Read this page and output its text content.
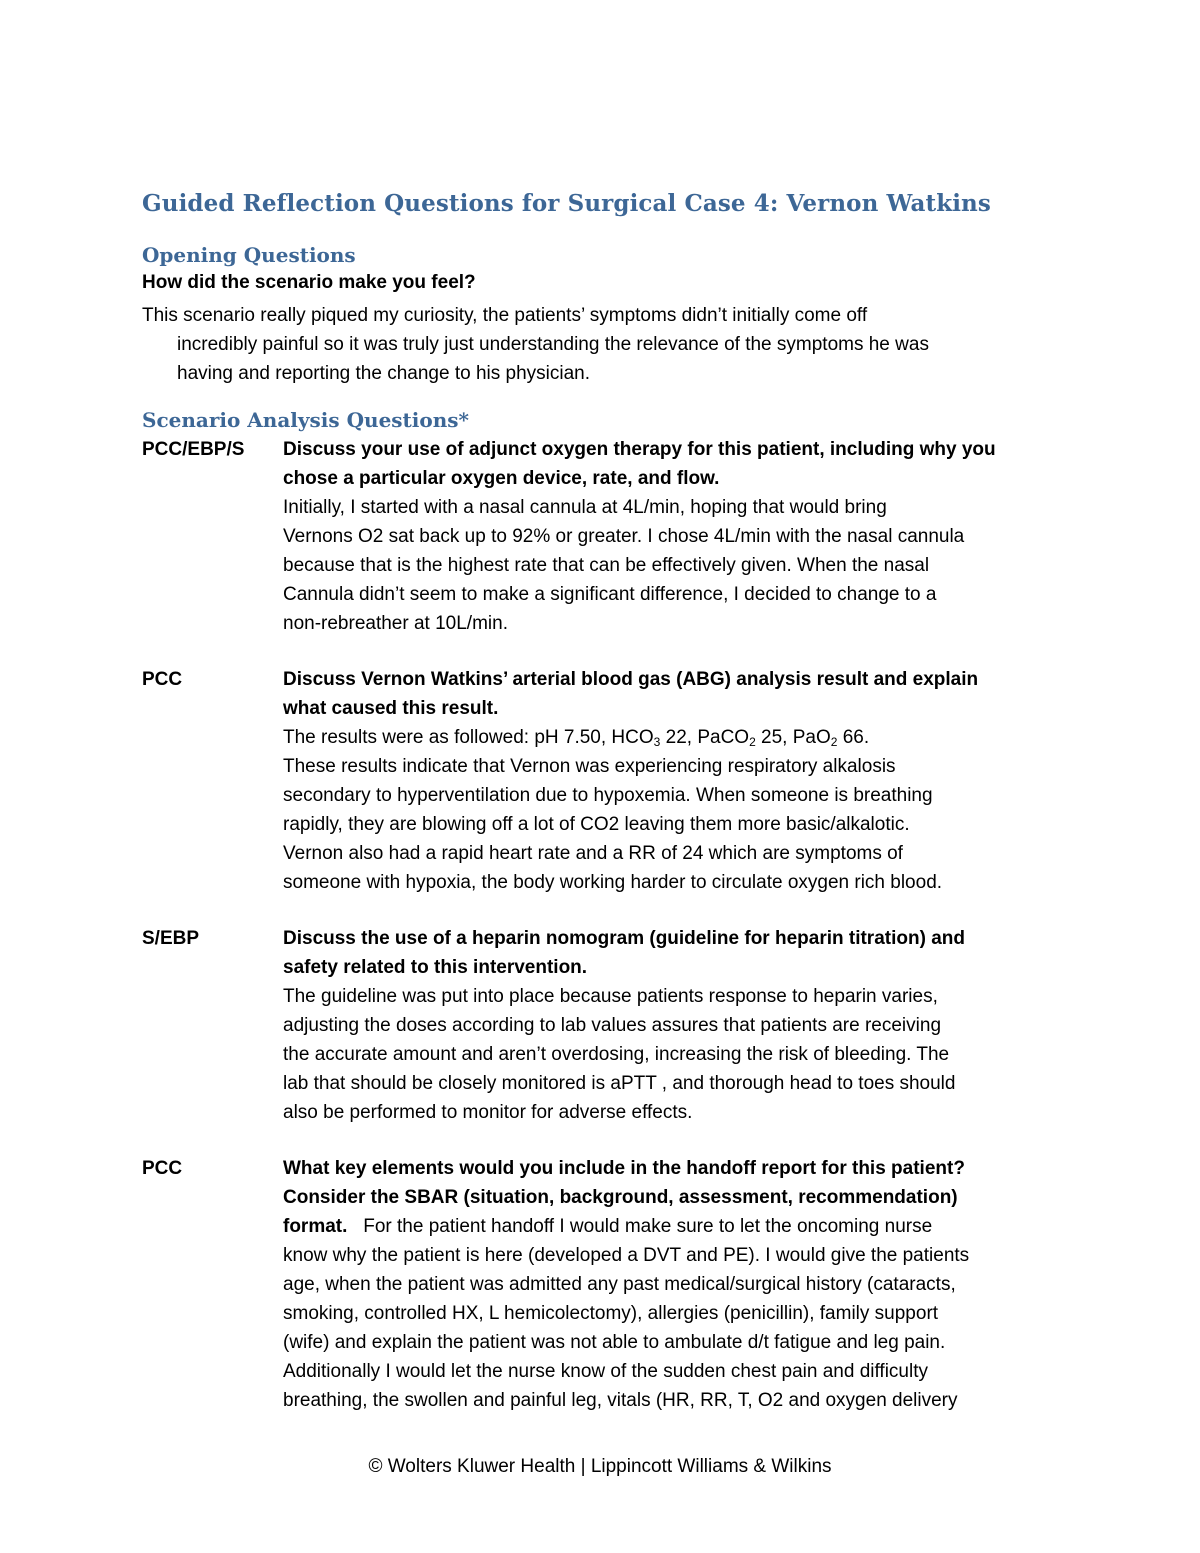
Guided Reflection Questions for Surgical Case 4: Vernon Watkins
Opening Questions
How did the scenario make you feel?
This scenario really piqued my curiosity, the patients’ symptoms didn’t initially come off
incredibly painful so it was truly just understanding the relevance of the symptoms he was
having and reporting the change to his physician.
Scenario Analysis Questions*
PCC/EBP/S Discuss your use of adjunct oxygen therapy for this patient, including why you
chose a particular oxygen device, rate, and flow.
Initially, I started with a nasal cannula at 4L/min, hoping that would bring
Vernons O2 sat back up to 92% or greater. I chose 4L/min with the nasal cannula
because that is the highest rate that can be effectively given. When the nasal
Cannula didn’t seem to make a significant difference, I decided to change to a
non-rebreather at 10L/min.
PCC	Discuss Vernon Watkins’ arterial blood gas (ABG) analysis result and explain
what caused this result.
The results were as followed: pH 7.50, $HCO_3$ 22, PaCO$_2$ 25, PaO$_2$ 66.
These results indicate that Vernon was experiencing respiratory alkalosis
secondary to hyperventilation due to hypoxemia. When someone is breathing
rapidly, they are blowing off a lot of CO2 leaving them more basic/alkalotic.
Vernon also had a rapid heart rate and a RR of 24 which are symptoms of
someone with hypoxia, the body working harder to circulate oxygen rich blood.
S/EBP	Discuss the use of a heparin nomogram (guideline for heparin titration) and
safety related to this intervention.
The guideline was put into place because patients response to heparin varies,
adjusting the doses according to lab values assures that patients are receiving
the accurate amount and aren’t overdosing, increasing the risk of bleeding. The
lab that should be closely monitored is aPTT , and thorough head to toes should
also be performed to monitor for adverse effects.
PCC	What key elements would you include in the handoff report for this patient?
Consider the SBAR (situation, background, assessment, recommendation)
format.   For the patient handoff I would make sure to let the oncoming nurse
know why the patient is here (developed a DVT and PE). I would give the patients
age, when the patient was admitted any past medical/surgical history (cataracts,
smoking, controlled HX, L hemicolectomy), allergies (penicillin), family support
(wife) and explain the patient was not able to ambulate d/t fatigue and leg pain.
Additionally I would let the nurse know of the sudden chest pain and difficulty
breathing, the swollen and painful leg, vitals (HR, RR, T, O2 and oxygen delivery
© Wolters Kluwer Health | Lippincott Williams & Wilkins
